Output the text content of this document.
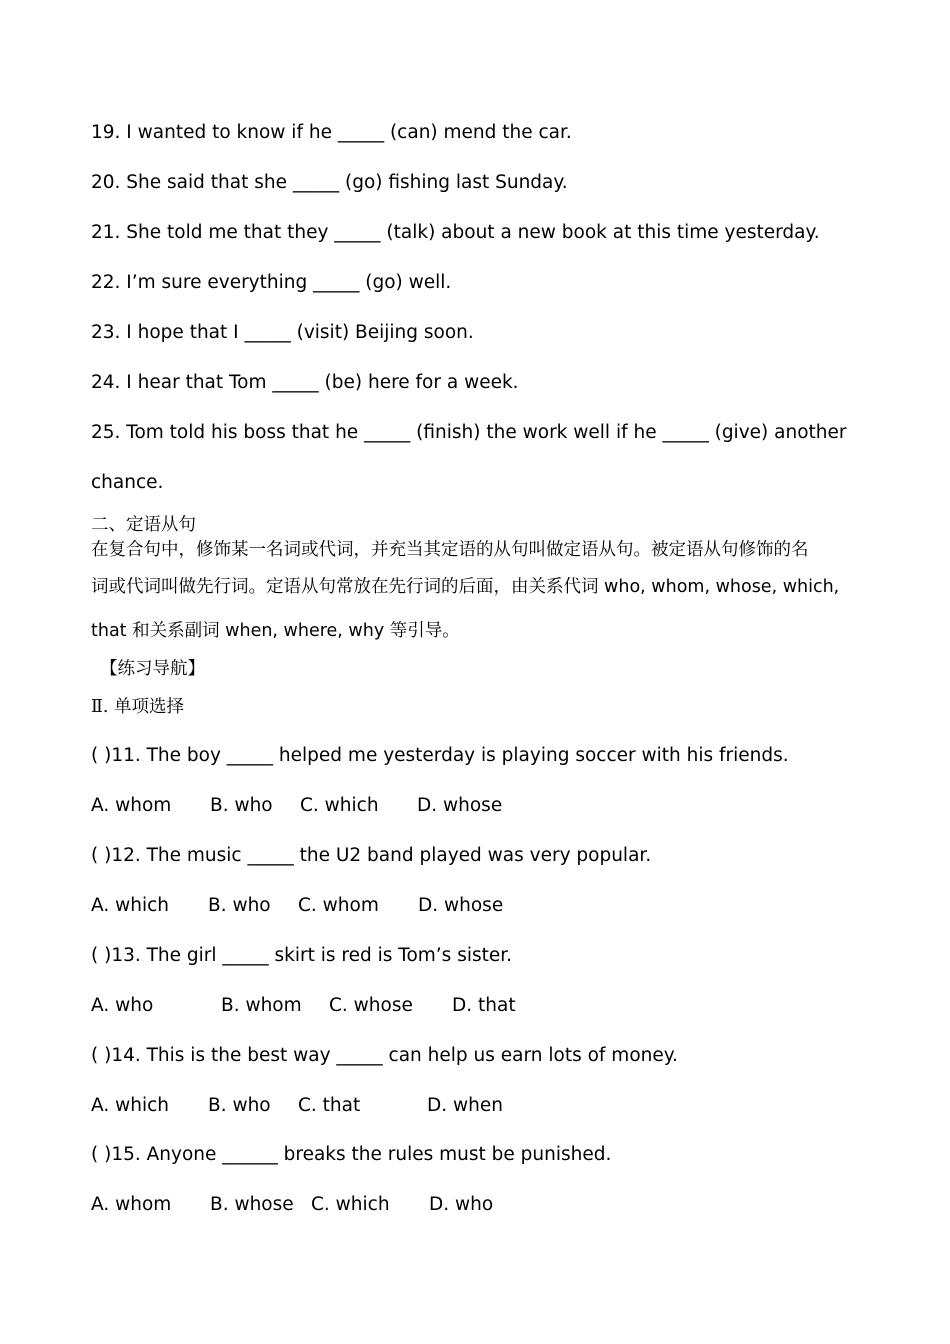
19. I wanted to know if he _____ (can) mend the car.

20. She said that she _____ (go) fishing last Sunday.

21. She told me that they _____ (talk) about a new book at this time yesterday.

22. I’m sure everything _____ (go) well.

23. I hope that I _____ (visit) Beijing soon.

24. I hear that Tom _____ (be) here for a week.

25. Tom told his boss that he _____ (finish) the work well if he _____ (give) another

chance.

二、定语从句

在复合句中，修饰某一名词或代词，并充当其定语的从句叫做定语从句。被定语从句修饰的名

词或代词叫做先行词。定语从句常放在先行词的后面，由关系代词 who, whom, whose, which,

that 和关系副词 when, where, why 等引导。

【练习导航】

Ⅱ. 单项选择

( )11. The boy _____ helped me yesterday is playing soccer with his friends.

A. whom B. who C. which D. whose

( )12. The music _____ the U2 band played was very popular.

A. which B. who C. whom D. whose

( )13. The girl _____ skirt is red is Tom’s sister.

A. who	B. whom C. whose D. that

( )14. This is the best way _____ can help us earn lots of money.

A. which B. who C. that	D. when

( )15. Anyone ______ breaks the rules must be punished.

A. whom B. whose C. which D. who
